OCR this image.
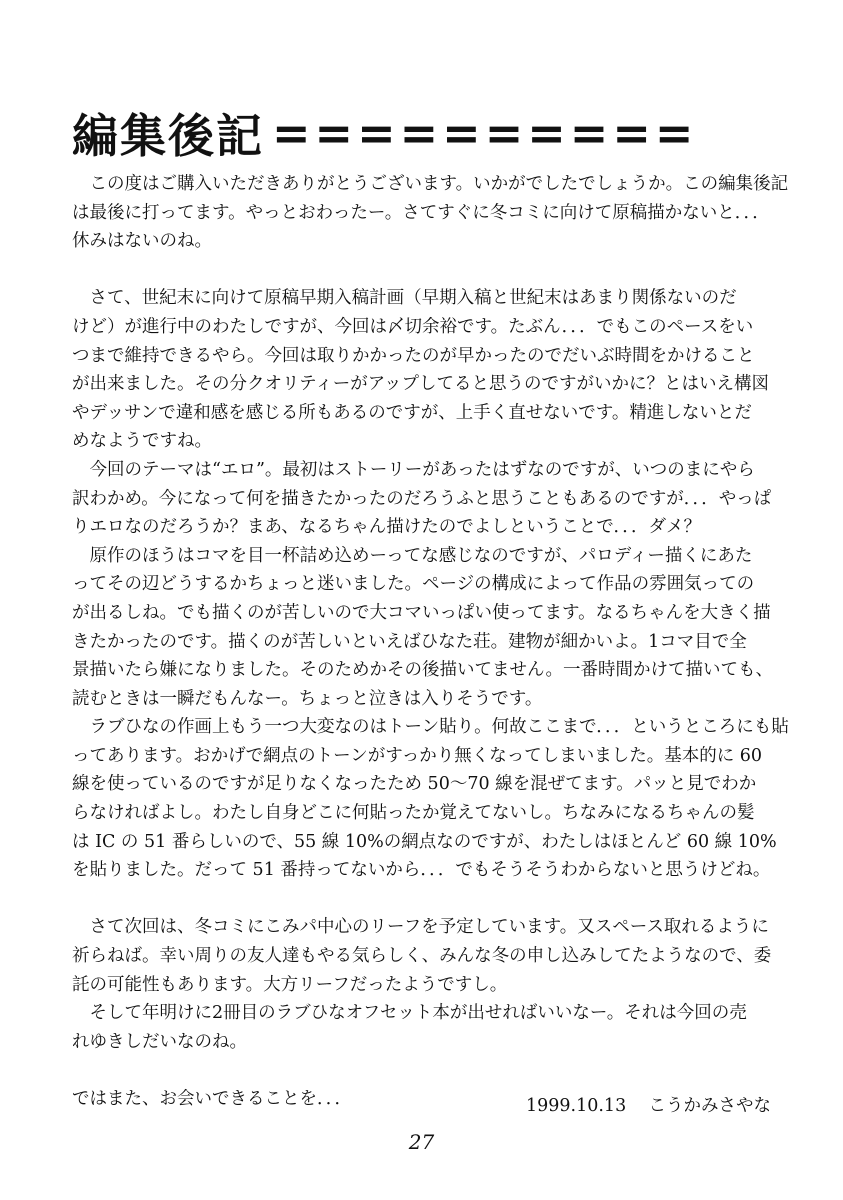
編集後記 ==========
　この度はご購入いただきありがとうございます。いかがでしたでしょうか。この編集後記
は最後に打ってます。やっとおわったー。さてすぐに冬コミに向けて原稿描かないと．．．
休みはないのね。
　さて、世紀末に向けて原稿早期入稿計画（早期入稿と世紀末はあまり関係ないのだ
けど）が進行中のわたしですが、今回は〆切余裕です。たぶん．．．でもこのペースをい
つまで維持できるやら。今回は取りかかったのが早かったのでだいぶ時間をかけること
が出来ました。その分クオリティーがアップしてると思うのですがいかに？とはいえ構図
やデッサンで違和感を感じる所もあるのですが、上手く直せないです。精進しないとだ
めなようですね。
　今回のテーマは“エロ”。最初はストーリーがあったはずなのですが、いつのまにやら
訳わかめ。今になって何を描きたかったのだろうふと思うこともあるのですが．．．やっぱ
りエロなのだろうか？まあ、なるちゃん描けたのでよしということで．．．ダメ？
　原作のほうはコマを目一杯詰め込めーってな感じなのですが、パロディー描くにあた
ってその辺どうするかちょっと迷いました。ページの構成によって作品の雰囲気っての
が出るしね。でも描くのが苦しいので大コマいっぱい使ってます。なるちゃんを大きく描
きたかったのです。描くのが苦しいといえばひなた荘。建物が細かいよ。1コマ目で全
景描いたら嫌になりました。そのためかその後描いてません。一番時間かけて描いても、
読むときは一瞬だもんなー。ちょっと泣きは入りそうです。
　ラブひなの作画上もう一つ大変なのはトーン貼り。何故ここまで．．．というところにも貼
ってあります。おかげで網点のトーンがすっかり無くなってしまいました。基本的に 60
線を使っているのですが足りなくなったため 50〜70 線を混ぜてます。パッと見でわか
らなければよし。わたし自身どこに何貼ったか覚えてないし。ちなみになるちゃんの髪
は IC の 51 番らしいので、55 線 10%の網点なのですが、わたしはほとんど 60 線 10%
を貼りました。だって 51 番持ってないから．．．でもそうそうわからないと思うけどね。
　さて次回は、冬コミにこみパ中心のリーフを予定しています。又スペース取れるように
祈らねば。幸い周りの友人達もやる気らしく、みんな冬の申し込みしてたようなので、委
託の可能性もあります。大方リーフだったようですし。
　そして年明けに2冊目のラブひなオフセット本が出せればいいなー。それは今回の売
れゆきしだいなのね。
ではまた、お会いできることを．．．	1999.10.13 こうかみさやな
27
